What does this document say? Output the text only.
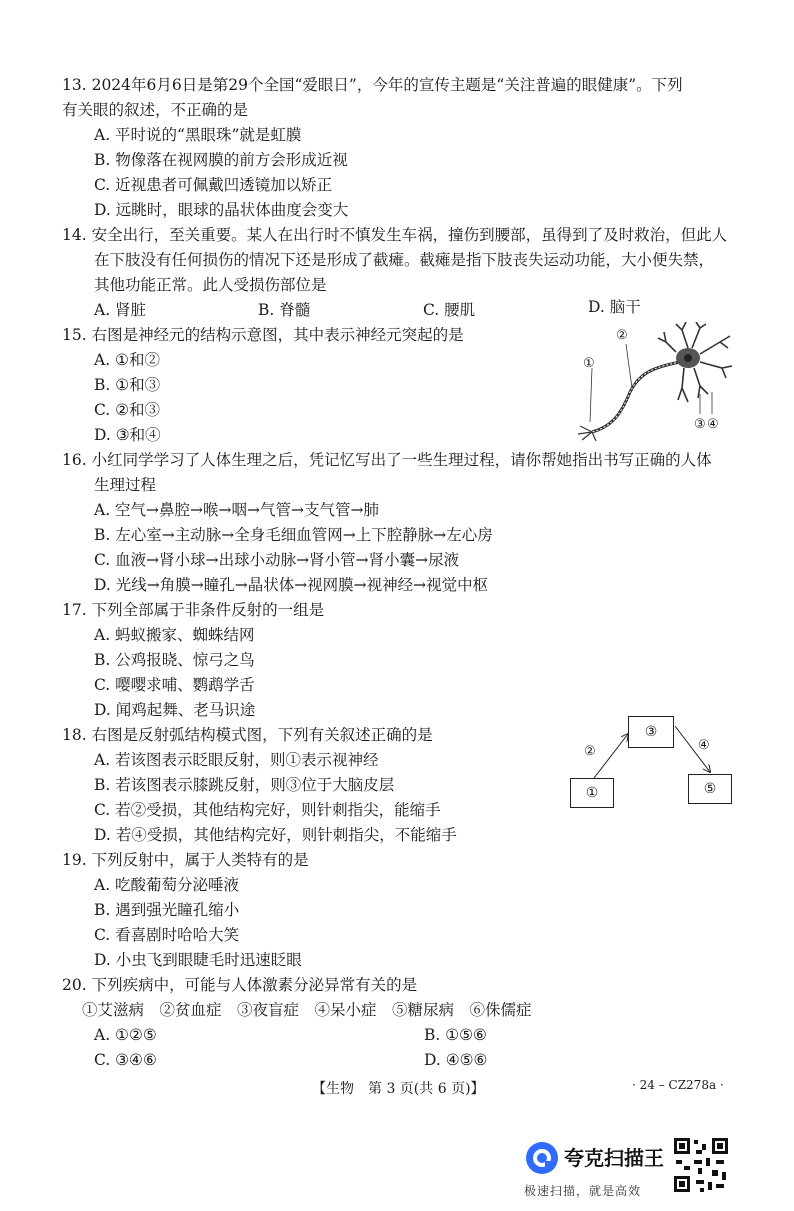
13. 2024年6月6日是第29个全国“爱眼日”，今年的宣传主题是“关注普遍的眼健康”。下列
有关眼的叙述，不正确的是
A. 平时说的“黑眼珠”就是虹膜
B. 物像落在视网膜的前方会形成近视
C. 近视患者可佩戴凹透镜加以矫正
D. 远眺时，眼球的晶状体曲度会变大
14. 安全出行，至关重要。某人在出行时不慎发生车祸，撞伤到腰部，虽得到了及时救治，但此人
在下肢没有任何损伤的情况下还是形成了截瘫。截瘫是指下肢丧失运动功能，大小便失禁，
其他功能正常。此人受损伤部位是
A. 肾脏	B. 脊髓	C. 腰肌	D. 脑干
15. 右图是神经元的结构示意图，其中表示神经元突起的是
A. ①和②
B. ①和③
C. ②和③
D. ③和④
①
②
③ ④
16. 小红同学学习了人体生理之后，凭记忆写出了一些生理过程，请你帮她指出书写正确的人体
生理过程
A. 空气→鼻腔→喉→咽→气管→支气管→肺
B. 左心室→主动脉→全身毛细血管网→上下腔静脉→左心房
C. 血液→肾小球→出球小动脉→肾小管→肾小囊→尿液
D. 光线→角膜→瞳孔→晶状体→视网膜→视神经→视觉中枢
17. 下列全部属于非条件反射的一组是
A. 蚂蚁搬家、蜘蛛结网
B. 公鸡报晓、惊弓之鸟
C. 嘤嘤求哺、鹦鹉学舌
D. 闻鸡起舞、老马识途
18. 右图是反射弧结构模式图，下列有关叙述正确的是
A. 若该图表示眨眼反射，则①表示视神经
B. 若该图表示膝跳反射，则③位于大脑皮层
C. 若②受损，其他结构完好，则针刺指尖，能缩手
D. 若④受损，其他结构完好，则针刺指尖，不能缩手
③
①	⑤
②	④
19. 下列反射中，属于人类特有的是
A. 吃酸葡萄分泌唾液
B. 遇到强光瞳孔缩小
C. 看喜剧时哈哈大笑
D. 小虫飞到眼睫毛时迅速眨眼
20. 下列疾病中，可能与人体激素分泌异常有关的是
①艾滋病　②贫血症　③夜盲症　④呆小症　⑤糖尿病　⑥侏儒症
A. ①②⑤	B. ①⑤⑥
C. ③④⑥	D. ④⑤⑥
【生物　第 3 页(共 6 页)】	· 24 – CZ278a ·
夸克扫描王
极速扫描，就是高效
